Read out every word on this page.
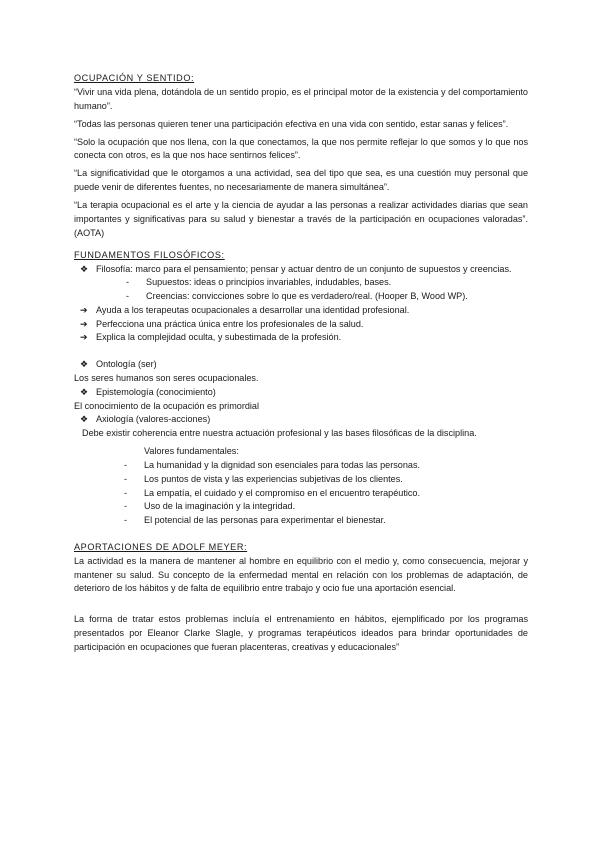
OCUPACIÓN Y SENTIDO:

“Vivir una vida plena, dotándola de un sentido propio, es el principal motor de la existencia y del comportamiento humano”.

“Todas las personas quieren tener una participación efectiva en una vida con sentido, estar sanas y felices”.

“Solo la ocupación que nos llena, con la que conectamos, la que nos permite reflejar lo que somos y lo que nos conecta con otros, es la que nos hace sentirnos felices”.

“La significatividad que le otorgamos a una actividad, sea del tipo que sea, es una cuestión muy personal que puede venir de diferentes fuentes, no necesariamente de manera simultánea”.

“La terapia ocupacional es el arte y la ciencia de ayudar a las personas a realizar actividades diarias que sean importantes y significativas para su salud y bienestar a través de la participación en ocupaciones valoradas”. (AOTA)

FUNDAMENTOS FILOSÓFICOS:

❖ Filosofía: marco para el pensamiento; pensar y actuar dentro de un conjunto de supuestos y creencias.
- Supuestos: ideas o principios invariables, indudables, bases.
- Creencias: convicciones sobre lo que es verdadero/real. (Hooper B, Wood WP).
➔ Ayuda a los terapeutas ocupacionales a desarrollar una identidad profesional.
➔ Perfecciona una práctica única entre los profesionales de la salud.
➔ Explica la complejidad oculta, y subestimada de la profesión.
❖ Ontología (ser)
Los seres humanos son seres ocupacionales.
❖ Epistemología (conocimiento)
El conocimiento de la ocupación es primordial
❖ Axiología (valores-acciones)
Debe existir coherencia entre nuestra actuación profesional y las bases filosóficas de la disciplina.
Valores fundamentales:
- La humanidad y la dignidad son esenciales para todas las personas.
- Los puntos de vista y las experiencias subjetivas de los clientes.
- La empatía, el cuidado y el compromiso en el encuentro terapéutico.
- Uso de la imaginación y la integridad.
- El potencial de las personas para experimentar el bienestar.

APORTACIONES DE ADOLF MEYER:

La actividad es la manera de mantener al hombre en equilibrio con el medio y, como consecuencia, mejorar y mantener su salud. Su concepto de la enfermedad mental en relación con los problemas de adaptación, de deterioro de los hábitos y de falta de equilibrio entre trabajo y ocio fue una aportación esencial.

La forma de tratar estos problemas incluía el entrenamiento en hábitos, ejemplificado por los programas presentados por Eleanor Clarke Slagle, y programas terapéuticos ideados para brindar oportunidades de participación en ocupaciones que fueran placenteras, creativas y educacionales”
